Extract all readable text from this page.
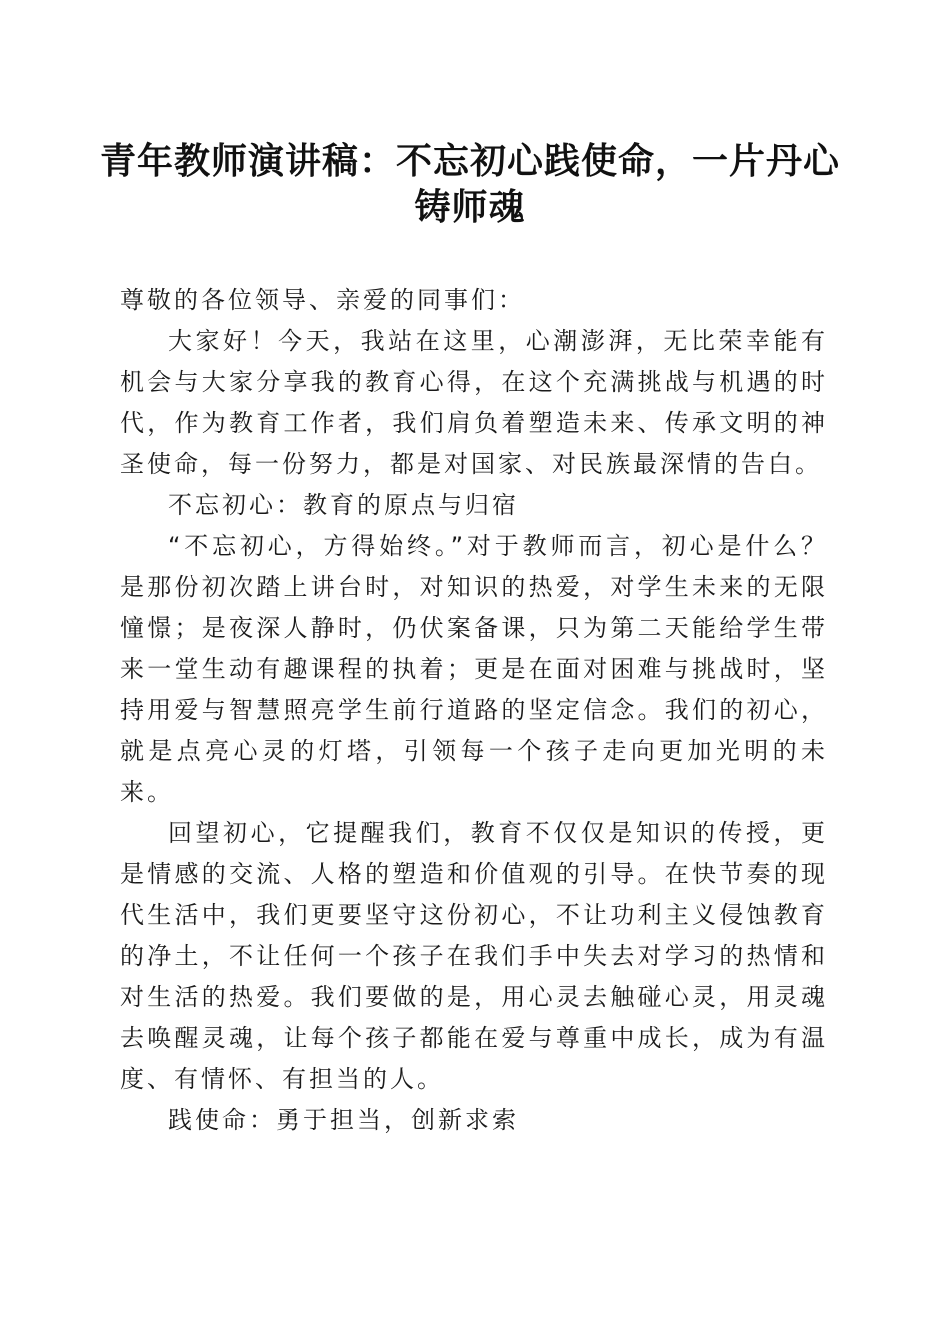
青年教师演讲稿：不忘初心践使命，一片丹心铸师魂

尊敬的各位领导、亲爱的同事们：

大家好！今天，我站在这里，心潮澎湃，无比荣幸能有机会与大家分享我的教育心得，在这个充满挑战与机遇的时代，作为教育工作者，我们肩负着塑造未来、传承文明的神圣使命，每一份努力，都是对国家、对民族最深情的告白。

不忘初心：教育的原点与归宿

“不忘初心，方得始终。”对于教师而言，初心是什么？是那份初次踏上讲台时，对知识的热爱，对学生未来的无限憧憬；是夜深人静时，仍伏案备课，只为第二天能给学生带来一堂生动有趣课程的执着；更是在面对困难与挑战时，坚持用爱与智慧照亮学生前行道路的坚定信念。我们的初心，就是点亮心灵的灯塔，引领每一个孩子走向更加光明的未来。

回望初心，它提醒我们，教育不仅仅是知识的传授，更是情感的交流、人格的塑造和价值观的引导。在快节奏的现代生活中，我们更要坚守这份初心，不让功利主义侵蚀教育的净土，不让任何一个孩子在我们手中失去对学习的热情和对生活的热爱。我们要做的是，用心灵去触碰心灵，用灵魂去唤醒灵魂，让每个孩子都能在爱与尊重中成长，成为有温度、有情怀、有担当的人。

践使命：勇于担当，创新求索
